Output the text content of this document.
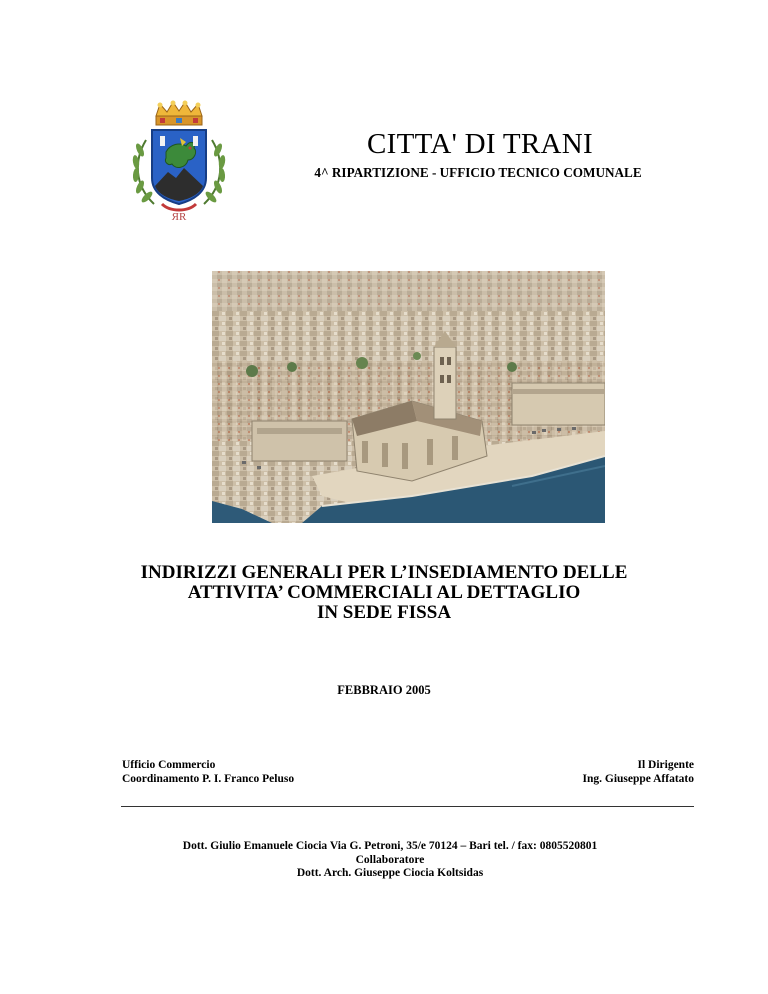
ЯR
CITTA' DI TRANI
4^ RIPARTIZIONE - UFFICIO TECNICO COMUNALE
INDIRIZZI GENERALI PER L’INSEDIAMENTO DELLE
ATTIVITA’ COMMERCIALI AL DETTAGLIO
IN SEDE FISSA
FEBBRAIO 2005
Ufficio Commercio
Coordinamento P. I. Franco Peluso
Il Dirigente
Ing. Giuseppe Affatato
Dott. Giulio Emanuele Ciocia Via G. Petroni, 35/e 70124 – Bari tel. / fax: 0805520801
Collaboratore
Dott. Arch. Giuseppe Ciocia Koltsidas
